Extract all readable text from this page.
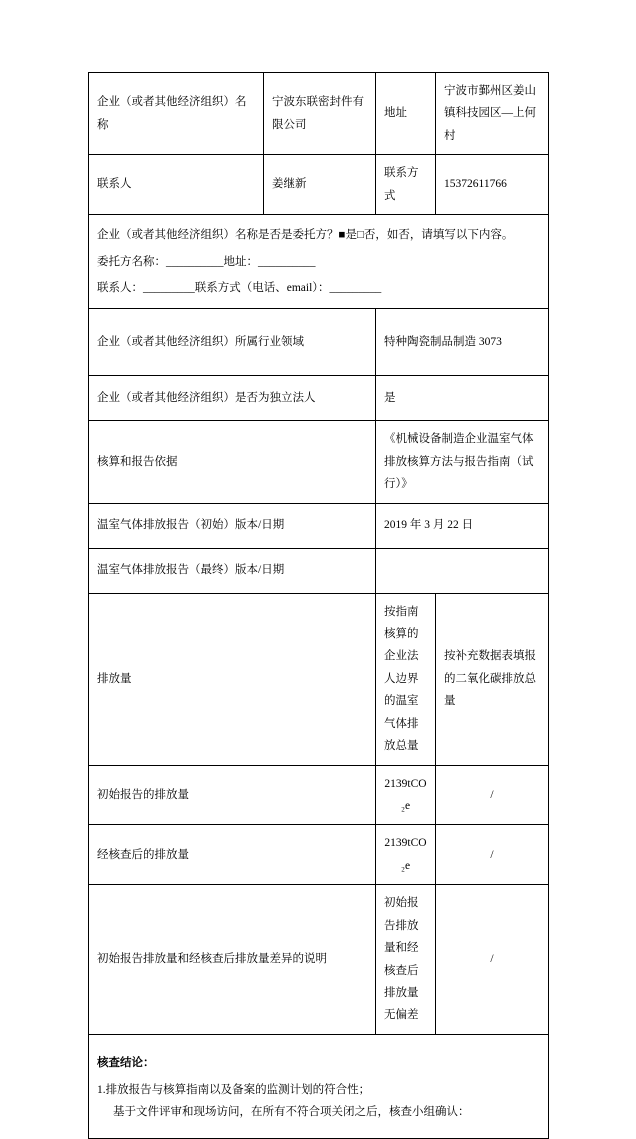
企业（或者其他经济组织）名称	宁波东联密封件有限公司	地址	宁波市鄞州区姜山镇科技园区—上何村
联系人	姜继新	联系方式	15372611766

企业（或者其他经济组织）名称是否是委托方？■是□否，如否，请填写以下内容。
委托方名称：__________地址：__________
联系人：_________联系方式（电话、email）：_________			

企业（或者其他经济组织）所属行业领域		特种陶瓷制品制造 3073	
企业（或者其他经济组织）是否为独立法人		是	
核算和报告依据		《机械设备制造企业温室气体排放核算方法与报告指南（试行）》	
温室气体排放报告（初始）版本/日期		2019 年 3 月 22 日	
温室气体排放报告（最终）版本/日期			
排放量		按指南核算的企业法人边界的温室气体排放总量	按补充数据表填报的二氧化碳排放总量
初始报告的排放量		2139tCO₂e	/
经核查后的排放量		2139tCO₂e	/
初始报告排放量和经核查后排放量差异的说明		初始报告排放量和经核查后排放量无偏差	/

核查结论：
1.排放报告与核算指南以及备案的监测计划的符合性；
基于文件评审和现场访问，在所有不符合项关闭之后，核查小组确认：			
